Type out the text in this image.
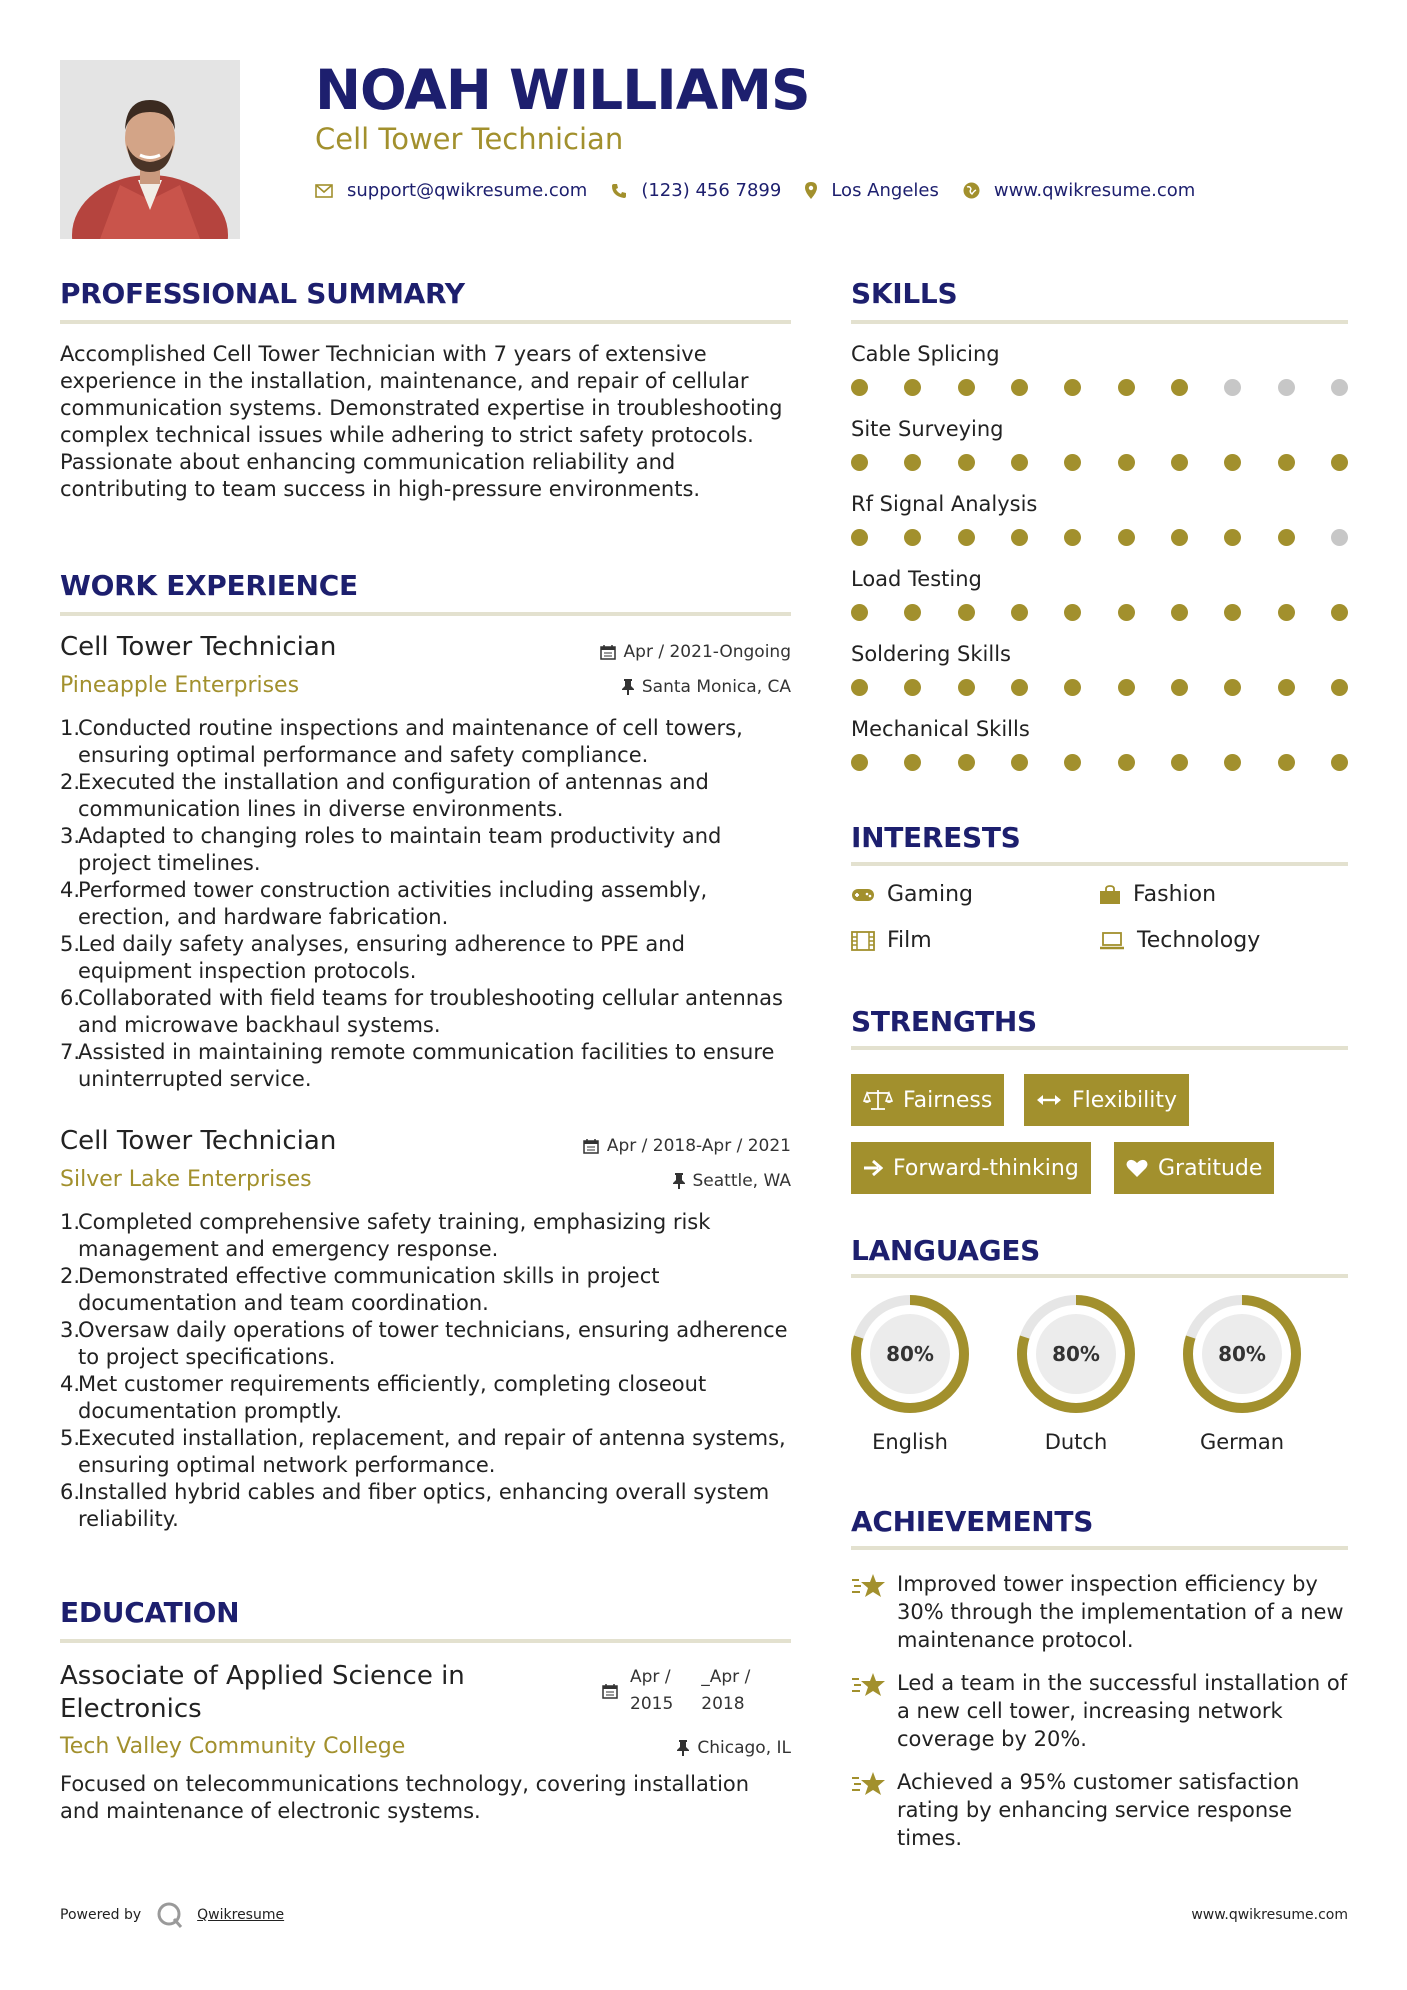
NOAH WILLIAMS
Cell Tower Technician
support@qwikresume.com	(123) 456 7899	Los Angeles	www.qwikresume.com
PROFESSIONAL SUMMARY
Accomplished Cell Tower Technician with 7 years of extensive experience in the installation, maintenance, and repair of cellular communication systems. Demonstrated expertise in troubleshooting complex technical issues while adhering to strict safety protocols. Passionate about enhancing communication reliability and contributing to team success in high-pressure environments.
WORK EXPERIENCE
Cell Tower Technician	Apr / 2021-Ongoing
Pineapple Enterprises	Santa Monica, CA
Conducted routine inspections and maintenance of cell towers, ensuring optimal performance and safety compliance.
Executed the installation and configuration of antennas and communication lines in diverse environments.
Adapted to changing roles to maintain team productivity and project timelines.
Performed tower construction activities including assembly, erection, and hardware fabrication.
Led daily safety analyses, ensuring adherence to PPE and equipment inspection protocols.
Collaborated with field teams for troubleshooting cellular antennas and microwave backhaul systems.
Assisted in maintaining remote communication facilities to ensure uninterrupted service.
Cell Tower Technician	Apr / 2018-Apr / 2021
Silver Lake Enterprises	Seattle, WA
Completed comprehensive safety training, emphasizing risk management and emergency response.
Demonstrated effective communication skills in project documentation and team coordination.
Oversaw daily operations of tower technicians, ensuring adherence to project specifications.
Met customer requirements efficiently, completing closeout documentation promptly.
Executed installation, replacement, and repair of antenna systems, ensuring optimal network performance.
Installed hybrid cables and fiber optics, enhancing overall system reliability.
EDUCATION
Associate of Applied Science in
Electronics
Apr /
2015
_Apr /
2018
Tech Valley Community College	Chicago, IL
Focused on telecommunications technology, covering installation and maintenance of electronic systems.
SKILLS
Cable Splicing
Site Surveying
Rf Signal Analysis
Load Testing
Soldering Skills
Mechanical Skills
INTERESTS
Gaming	Fashion
Film	Technology
STRENGTHS
Fairness	Flexibility
Forward-thinking	Gratitude
LANGUAGES
80%
English
80%
Dutch
80%
German
ACHIEVEMENTS
Improved tower inspection efficiency by 30% through the implementation of a new maintenance protocol.
Led a team in the successful installation of a new cell tower, increasing network coverage by 20%.
Achieved a 95% customer satisfaction rating by enhancing service response times.
Powered by	Qwikresume	www.qwikresume.com
